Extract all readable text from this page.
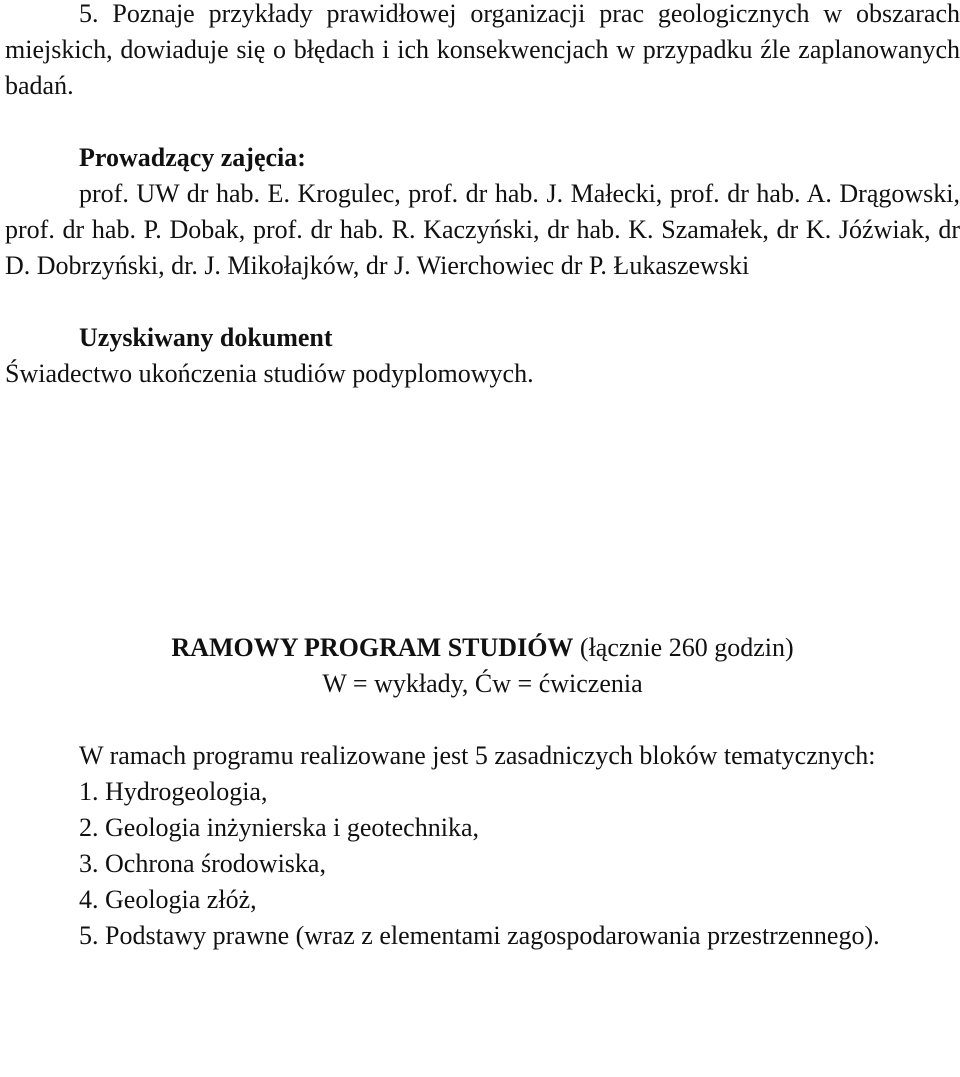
5. Poznaje przykłady prawidłowej organizacji prac geologicznych w obszarach miejskich, dowiaduje się o błędach i ich konsekwencjach w przypadku źle zaplanowanych badań.

Prowadzący zajęcia:

prof. UW dr hab. E. Krogulec, prof. dr hab. J. Małecki, prof. dr hab. A. Drągowski, prof. dr hab. P. Dobak, prof. dr hab. R. Kaczyński, dr hab. K. Szamałek, dr K. Jóźwiak, dr D. Dobrzyński, dr. J. Mikołajków, dr J. Wierchowiec dr P. Łukaszewski

Uzyskiwany dokument
Świadectwo ukończenia studiów podyplomowych.
RAMOWY PROGRAM STUDIÓW (łącznie 260 godzin)
W = wykłady, Ćw = ćwiczenia

W ramach programu realizowane jest 5 zasadniczych bloków tematycznych:

1. Hydrogeologia,
2. Geologia inżynierska i geotechnika,
3. Ochrona środowiska,
4. Geologia złóż,
5. Podstawy prawne (wraz z elementami zagospodarowania przestrzennego).
